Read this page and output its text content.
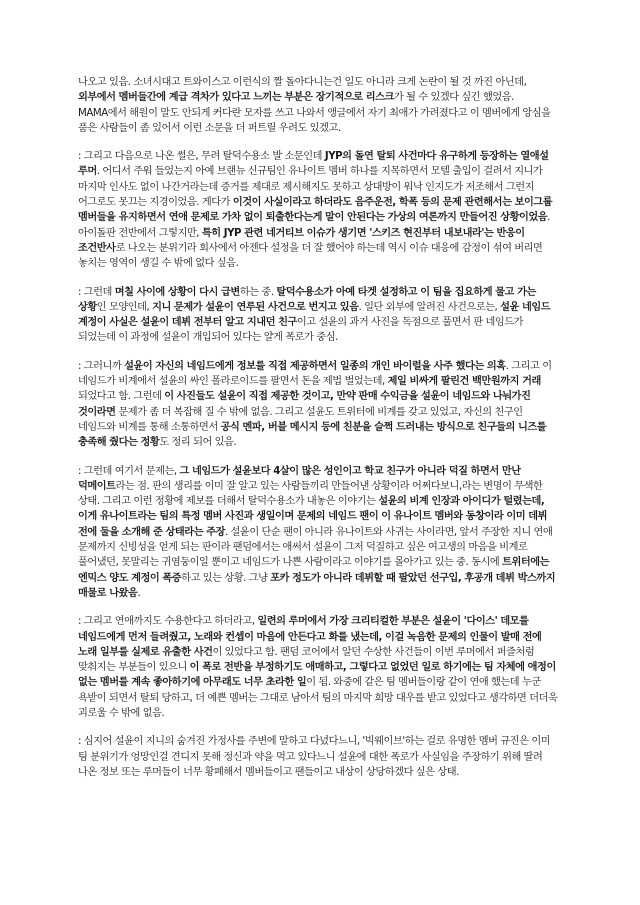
나오고 있음. 소녀시대고 트와이스고 이런식의 짤 돌아다니는건 일도 아니라 크게 논란이 될 것 까진 아닌데, 외부에서 멤버들간에 계급 격차가 있다고 느끼는 부분은 장기적으로 리스크가 될 수 있겠다 싶긴 했었음. MAMA에서 해원이 말도 안되게 커다란 모자를 쓰고 나와서 앵글에서 자기 최애가 가려졌다고 이 멤버에게 앙심을 품은 사람들이 좀 있어서 이런 소문을 더 퍼트릴 우려도 있겠고.

: 그리고 다음으로 나온 썰은, 무려 탈덕수용소 발 소문인데 JYP의 돌연 탈퇴 사건마다 유구하게 등장하는 열애설 루머. 어디서 주워 들었는지 아예 브랜뉴 신규팀인 유나이트 멤버 하나를 지목하면서 모텔 출입이 걸려서 지니가 마지막 인사도 없이 나간거라는데 증거를 제대로 제시해지도 못하고 상대방이 워낙 인지도가 저조해서 그런지 어그로도 못끄는 지경이었음. 게다가 이것이 사실이라고 하더라도 음주운전, 학폭 등의 문제 관련해서는 보이그룹 멤버들을 유지하면서 연애 문제로 가차 없이 퇴출한다는게 말이 안된다는 가상의 여론까지 만들어진 상황이었음. 아이돌판 전반에서 그렇지만, 특히 JYP 관련 네거티브 이슈가 생기면 '스키즈 현진부터 내보내라'는 반응이 조건반사로 나오는 분위기라 회사에서 아젠다 설정을 더 잘 했어야 하는데 역시 이슈 대응에 감정이 섞여 버리면 놓치는 영역이 생길 수 밖에 없다 싶음.

: 그런데 며칠 사이에 상황이 다시 급변하는 중. 탈덕수용소가 아예 타겟 설정하고 이 팀을 집요하게 물고 가는 상황인 모양인데, 지니 문제가 설윤이 연루된 사건으로 번지고 있음. 일단 외부에 알려진 사건으로는, 설윤 네임드 계정이 사실은 설윤이 데뷔 전부터 알고 지내던 친구이고 설윤의 과거 사진을 독점으로 풀면서 판 네임드가 되었는데 이 과정에 설윤이 개입되어 있다는 얄게 폭로가 중심.

: 그러니까 설윤이 자신의 네임드에게 정보를 직접 제공하면서 일종의 개인 바이럴을 사주 했다는 의혹. 그리고 이 네임드가 비계에서 설윤의 싸인 폴라로이드를 팔면서 돈을 제법 벌었는데, 제일 비싸게 팔린건 백만원까지 거래 되었다고 함. 그런데 이 사진들도 설윤이 직접 제공한 것이고, 만약 판매 수익금을 설윤이 네임드와 나눠가진 것이라면 문제가 좀 더 복잡해 질 수 밖에 없음. 그리고 설윤도 트위터에 비계를 갖고 있었고, 자신의 친구인 네임드와 비계를 통해 소통하면서 공식 멘파, 버블 메시지 등에 친분을 슬쩍 드러내는 방식으로 친구들의 니즈를 충족해 줬다는 정황도 정리 되어 있음.

: 그런데 여기서 문제는, 그 네임드가 설윤보다 4살이 많은 성인이고 학교 친구가 아니라 덕질 하면서 만난 덕메이트라는 점. 판의 생리를 이미 잘 알고 있는 사람들끼리 만들어낸 상황이라 어쩌다보니,라는 변명이 무색한 상태. 그리고 이런 정황에 제보를 더해서 탈덕수용소가 내놓은 이야기는 설윤의 비계 인장과 아이디가 털렸는데, 이게 유나이트라는 팀의 특정 멤버 사진과 생일이며 문제의 네임드 팬이 이 유나이트 멤버와 동창이라 이미 데뷔 전에 둘을 소개해 준 상태라는 주장. 설윤이 단순 팬이 아니라 유나이트와 사귀는 사이라면, 앞서 주장한 지니 연애 문제까지 신빙성을 얻게 되는 판이라 팬덤에서는 애써서 설윤이 그저 덕질하고 싶은 여고생의 마음을 비계로 풀어냈던, 못말리는 귀염둥이일 뿐이고 네임드가 나쁜 사람이라고 이야기를 몰아가고 있는 중. 동시에 트위터에는 엔믹스 양도 계정이 폭증하고 있는 상황. 그냥 포카 정도가 아니라 데뷔할 때 팔았던 선구입, 후공개 데뷔 박스까지 매물로 나왔음.

: 그리고 연애까지도 수용한다고 하더라고, 일련의 루머에서 가장 크리티컬한 부분은 설윤이 '다이스' 데모를 네임드에게 먼저 들려줬고, 노래와 컨셉이 마음에 안든다고 화를 냈는데, 이걸 녹음한 문제의 인물이 발매 전에 노래 일부를 실제로 유출한 사건이 있었다고 함. 팬덤 코어에서 알던 수상한 사건들이 이번 루머에서 퍼즐처럼 맞춰지는 부분들이 있으니 이 폭로 전반을 부정하기도 애매하고, 그렇다고 없었던 일로 하기에는 팀 자체에 애정이 없는 멤버를 계속 좋아하기에 아무래도 너무 초라한 일이 됨. 와중에 같은 팀 멤버들이랑 같이 연애 했는데 누군 욕받이 되면서 탈퇴 당하고, 더 예쁜 멤버는 그대로 남아서 팀의 마지막 희망 대우를 받고 있었다고 생각하면 더더욱 괴로울 수 밖에 없음.

: 심지어 설윤이 지니의 숨겨진 가정사를 주변에 말하고 다녔다느니, '빅웨이브'하는 걸로 유명한 멤버 규진은 이미 팀 분위기가 엉망인걸 견디지 못해 정신과 약을 먹고 있다느니 설윤에 대한 폭로가 사실임을 주장하기 위해 딸려 나온 정보 또는 루머들이 너무 황폐해서 멤버들이고 팬들이고 내상이 상당하겠다 싶은 상태.
